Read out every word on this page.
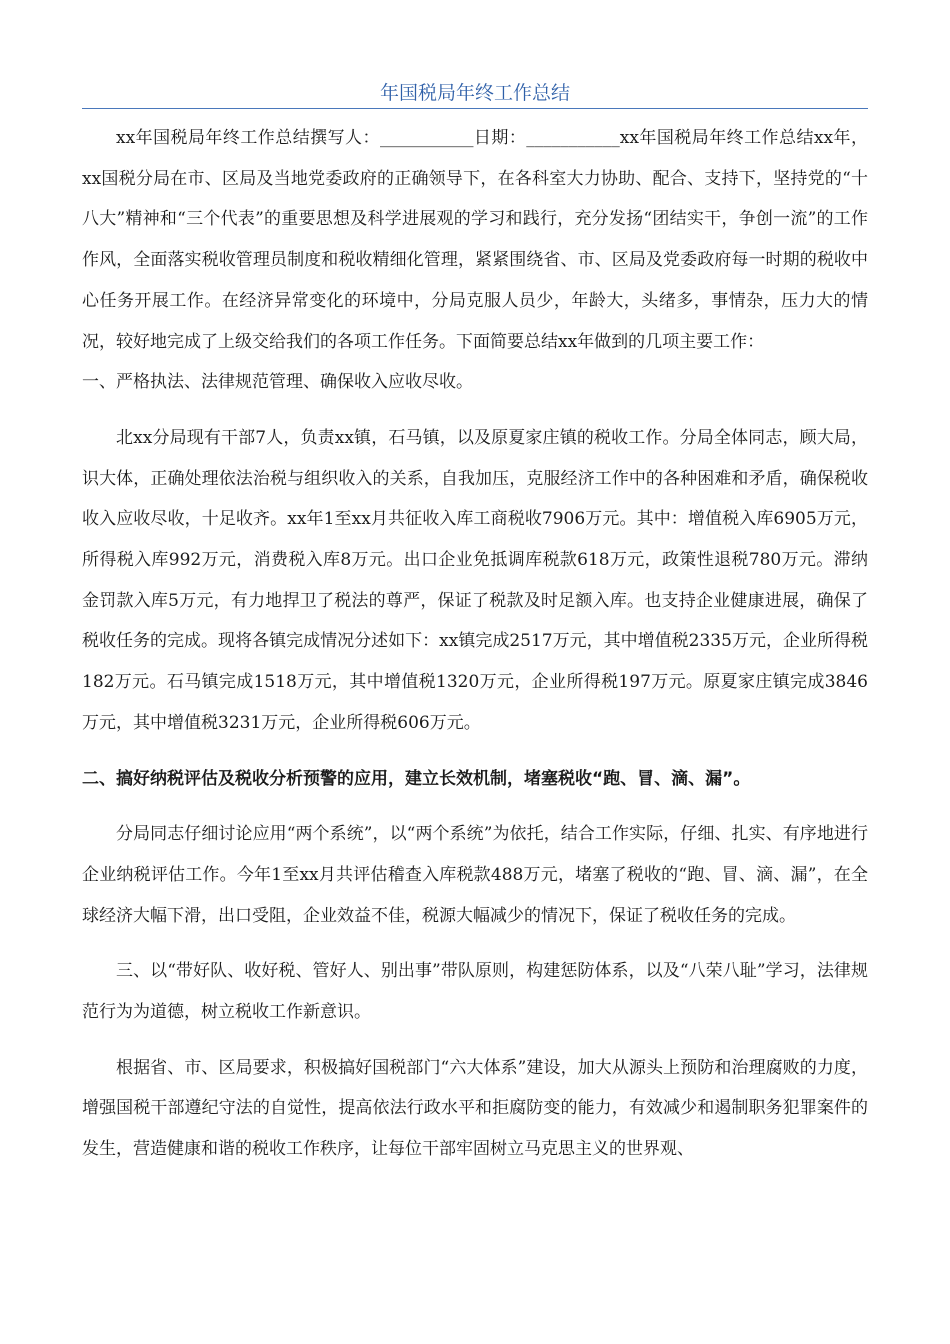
年国税局年终工作总结

xx年国税局年终工作总结撰写人：___________日期：___________xx年国税局年终工作总结xx年，xx国税分局在市、区局及当地党委政府的正确领导下，在各科室大力协助、配合、支持下，坚持党的“十八大”精神和“三个代表”的重要思想及科学进展观的学习和践行，充分发扬“团结实干，争创一流”的工作作风，全面落实税收管理员制度和税收精细化管理，紧紧围绕省、市、区局及党委政府每一时期的税收中心任务开展工作。在经济异常变化的环境中，分局克服人员少，年龄大，头绪多，事情杂，压力大的情况，较好地完成了上级交给我们的各项工作任务。下面简要总结xx年做到的几项主要工作：

一、严格执法、法律规范管理、确保收入应收尽收。

北xx分局现有干部7人，负责xx镇，石马镇，以及原夏家庄镇的税收工作。分局全体同志，顾大局，识大体，正确处理依法治税与组织收入的关系，自我加压，克服经济工作中的各种困难和矛盾，确保税收收入应收尽收，十足收齐。xx年1至xx月共征收入库工商税收7906万元。其中：增值税入库6905万元，所得税入库992万元，消费税入库8万元。出口企业免抵调库税款618万元，政策性退税780万元。滞纳金罚款入库5万元，有力地捍卫了税法的尊严，保证了税款及时足额入库。也支持企业健康进展，确保了税收任务的完成。现将各镇完成情况分述如下：xx镇完成2517万元，其中增值税2335万元，企业所得税182万元。石马镇完成1518万元，其中增值税1320万元，企业所得税197万元。原夏家庄镇完成3846万元，其中增值税3231万元，企业所得税606万元。

二、搞好纳税评估及税收分析预警的应用，建立长效机制，堵塞税收“跑、冒、滴、漏”。

分局同志仔细讨论应用“两个系统”，以“两个系统”为依托，结合工作实际，仔细、扎实、有序地进行企业纳税评估工作。今年1至xx月共评估稽查入库税款488万元，堵塞了税收的“跑、冒、滴、漏”，在全球经济大幅下滑，出口受阻，企业效益不佳，税源大幅减少的情况下，保证了税收任务的完成。

三、以“带好队、收好税、管好人、别出事”带队原则，构建惩防体系，以及“八荣八耻”学习，法律规范行为为道德，树立税收工作新意识。

根据省、市、区局要求，积极搞好国税部门“六大体系”建设，加大从源头上预防和治理腐败的力度，增强国税干部遵纪守法的自觉性，提高依法行政水平和拒腐防变的能力，有效减少和遏制职务犯罪案件的发生，营造健康和谐的税收工作秩序，让每位干部牢固树立马克思主义的世界观、
